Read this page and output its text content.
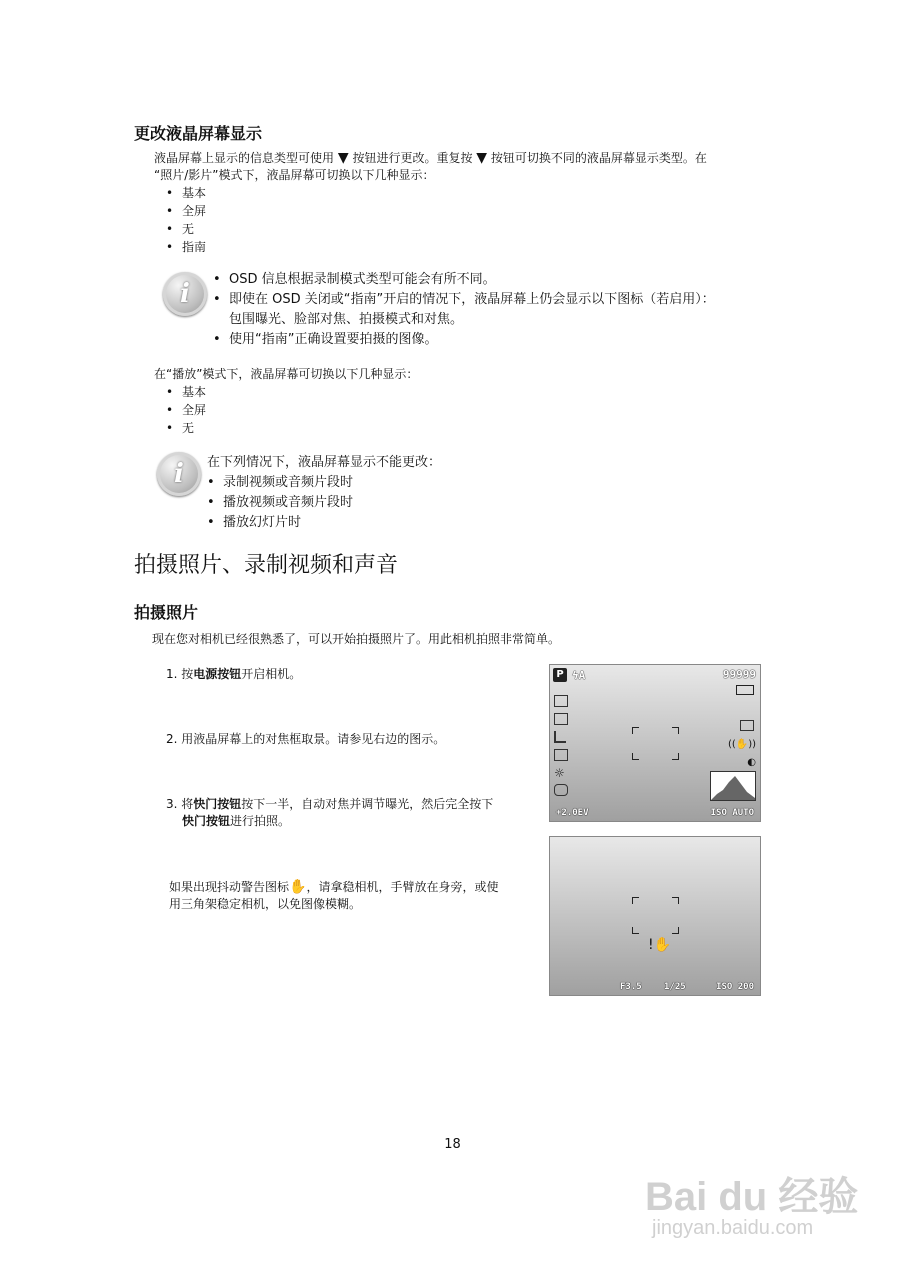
更改液晶屏幕显示
液晶屏幕上显示的信息类型可使用 ▼ 按钮进行更改。重复按 ▼ 按钮可切换不同的液晶屏幕显示类型。在
“照片/影片”模式下，液晶屏幕可切换以下几种显示：
• 基本
• 全屏
• 无
• 指南
i
•	OSD 信息根据录制模式类型可能会有所不同。
• 即使在 OSD 关闭或“指南”开启的情况下，液晶屏幕上仍会显示以下图标（若启用）：
包围曝光、脸部对焦、拍摄模式和对焦。
• 使用“指南”正确设置要拍摄的图像。
在“播放”模式下，液晶屏幕可切换以下几种显示：
• 基本
• 全屏
• 无
i 在下列情况下，液晶屏幕显示不能更改：
• 录制视频或音频片段时
• 播放视频或音频片段时
• 播放幻灯片时
拍摄照片、录制视频和声音
拍摄照片
现在您对相机已经很熟悉了，可以开始拍摄照片了。用此相机拍照非常简单。
1. 按电源按钮开启相机。
2. 用液晶屏幕上的对焦框取景。请参见右边的图示。
3. 将快门按钮按下一半，自动对焦并调节曝光，然后完全按下
快门按钮进行拍照。
如果出现抖动警告图标✋，请拿稳相机，手臂放在身旁，或使
用三角架稳定相机，以免图像模糊。
P ϟA	99999
☼
((✋))
◐
+2.0EV	ISO AUTO
!✋
F3.5 1/25	ISO 200
18
Bai du 经验
jingyan.baidu.com
